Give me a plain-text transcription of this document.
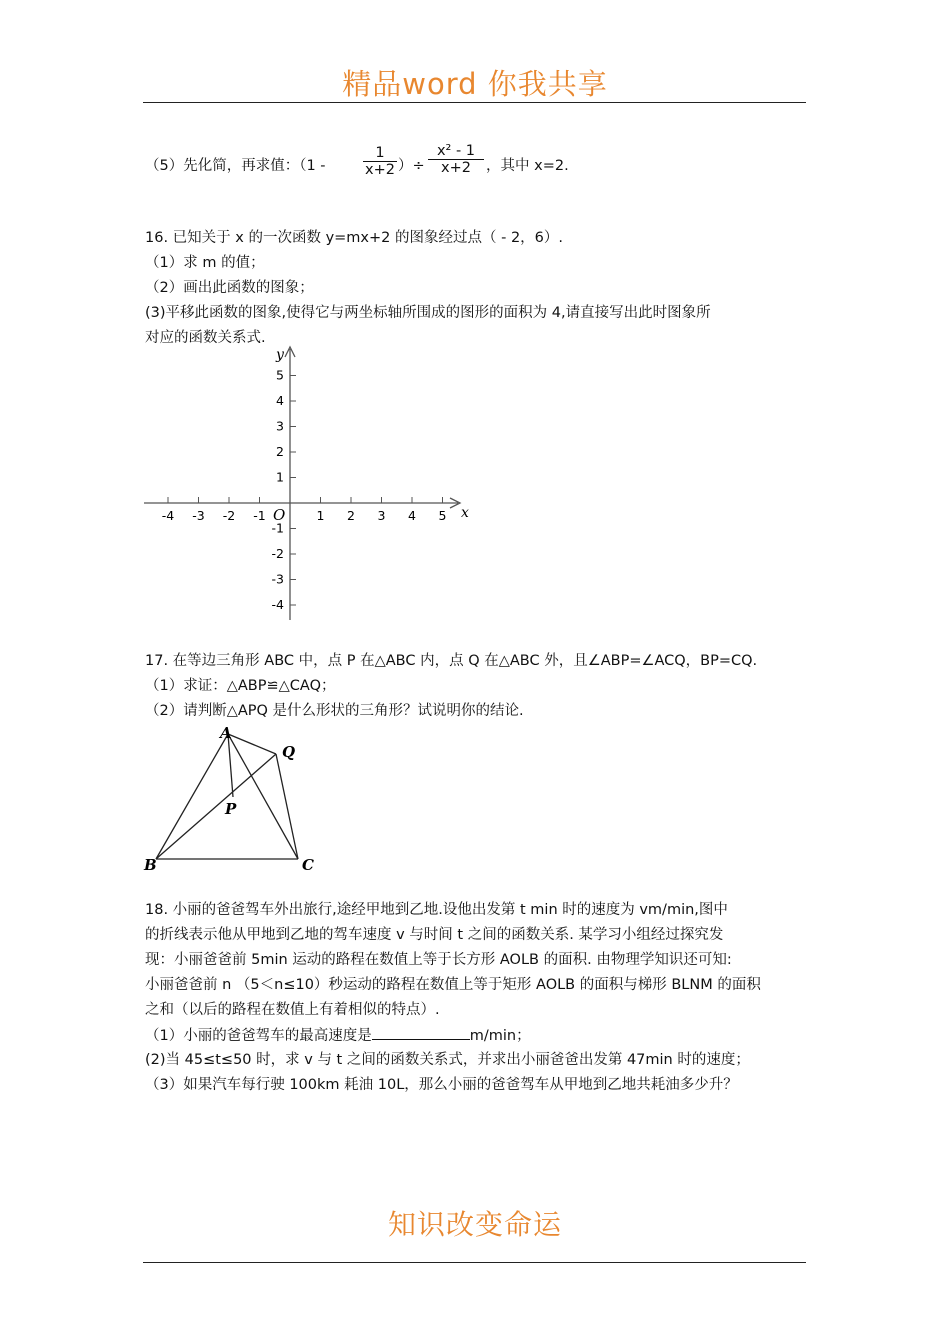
精品word 你我共享
（5）先化简，再求值：（1 -	$\frac{1}{x+2}$ ）÷ $\frac{\text{x² - 1}}{x+2}$ ，其中 x=2.
16. 已知关于 x 的一次函数 y=mx+2 的图象经过点（ - 2，6）.
（1）求 m 的值；
（2）画出此函数的图象；
(3)平移此函数的图象,使得它与两坐标轴所围成的图形的面积为 4,请直接写出此时图象所
对应的函数关系式.
-4 -3 -2 -1	1 2 3 4 5
5
4
3
2
1
-1
-2
-3
-4
x
y
O
17. 在等边三角形 ABC 中，点 P 在△ABC 内，点 Q 在△ABC 外，且∠ABP=∠ACQ，BP=CQ.
（1）求证：△ABP≌△CAQ；
（2）请判断△APQ 是什么形状的三角形？试说明你的结论.
A
B	C
Q
P
18. 小丽的爸爸驾车外出旅行,途经甲地到乙地.设他出发第 t min 时的速度为 vm/min,图中
的折线表示他从甲地到乙地的驾车速度 v 与时间 t 之间的函数关系. 某学习小组经过探究发
现：小丽爸爸前 5min 运动的路程在数值上等于长方形 AOLB 的面积. 由物理学知识还可知:
小丽爸爸前 n （5＜n≤10）秒运动的路程在数值上等于矩形 AOLB 的面积与梯形 BLNM 的面积
之和（以后的路程在数值上有着相似的特点）.
（1）小丽的爸爸驾车的最高速度是	m/min；
(2)当 45≤t≤50 时，求 v 与 t 之间的函数关系式，并求出小丽爸爸出发第 47min 时的速度；
（3）如果汽车每行驶 100km 耗油 10L，那么小丽的爸爸驾车从甲地到乙地共耗油多少升？
知识改变命运
